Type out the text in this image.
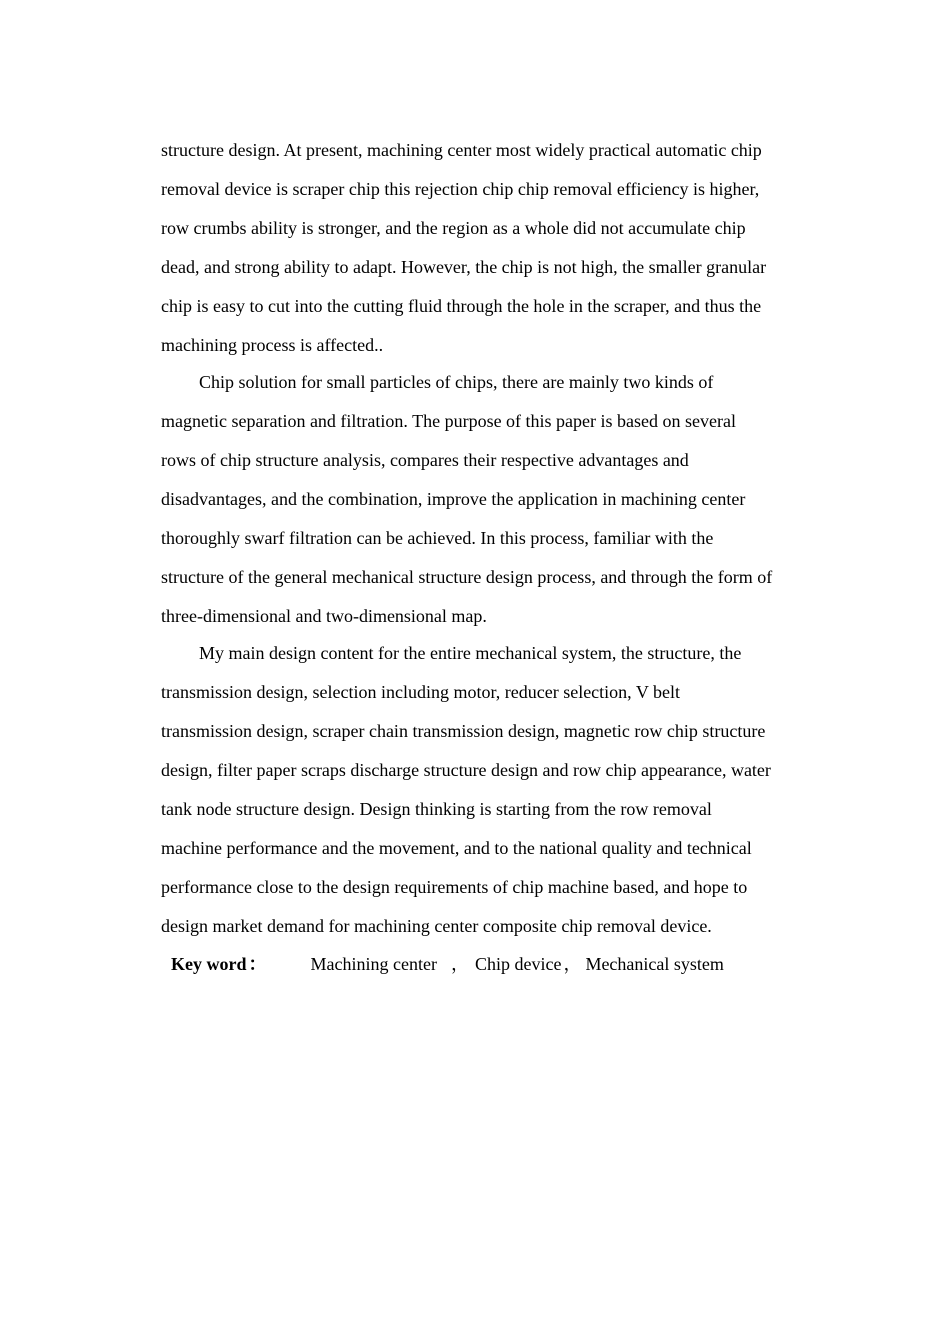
structure design. At present, machining center most widely practical automatic chip
removal device is scraper chip this rejection chip chip removal efficiency is higher,
row crumbs ability is stronger, and the region as a whole did not accumulate chip
dead, and strong ability to adapt. However, the chip is not high, the smaller granular
chip is easy to cut into the cutting fluid through the hole in the scraper, and thus the
machining process is affected..

Chip solution for small particles of chips, there are mainly two kinds of
magnetic separation and filtration. The purpose of this paper is based on several
rows of chip structure analysis, compares their respective advantages and
disadvantages, and the combination, improve the application in machining center
thoroughly swarf filtration can be achieved. In this process, familiar with the
structure of the general mechanical structure design process, and through the form of
three-dimensional and two-dimensional map.

My main design content for the entire mechanical system, the structure, the
transmission design, selection including motor, reducer selection, V belt
transmission design, scraper chain transmission design, magnetic row chip structure
design, filter paper scraps discharge structure design and row chip appearance, water
tank node structure design. Design thinking is starting from the row removal
machine performance and the movement, and to the national quality and technical
performance close to the design requirements of chip machine based, and hope to
design market demand for machining center composite chip removal device.

Key word ： Machining center ， Chip device ， Mechanical system
